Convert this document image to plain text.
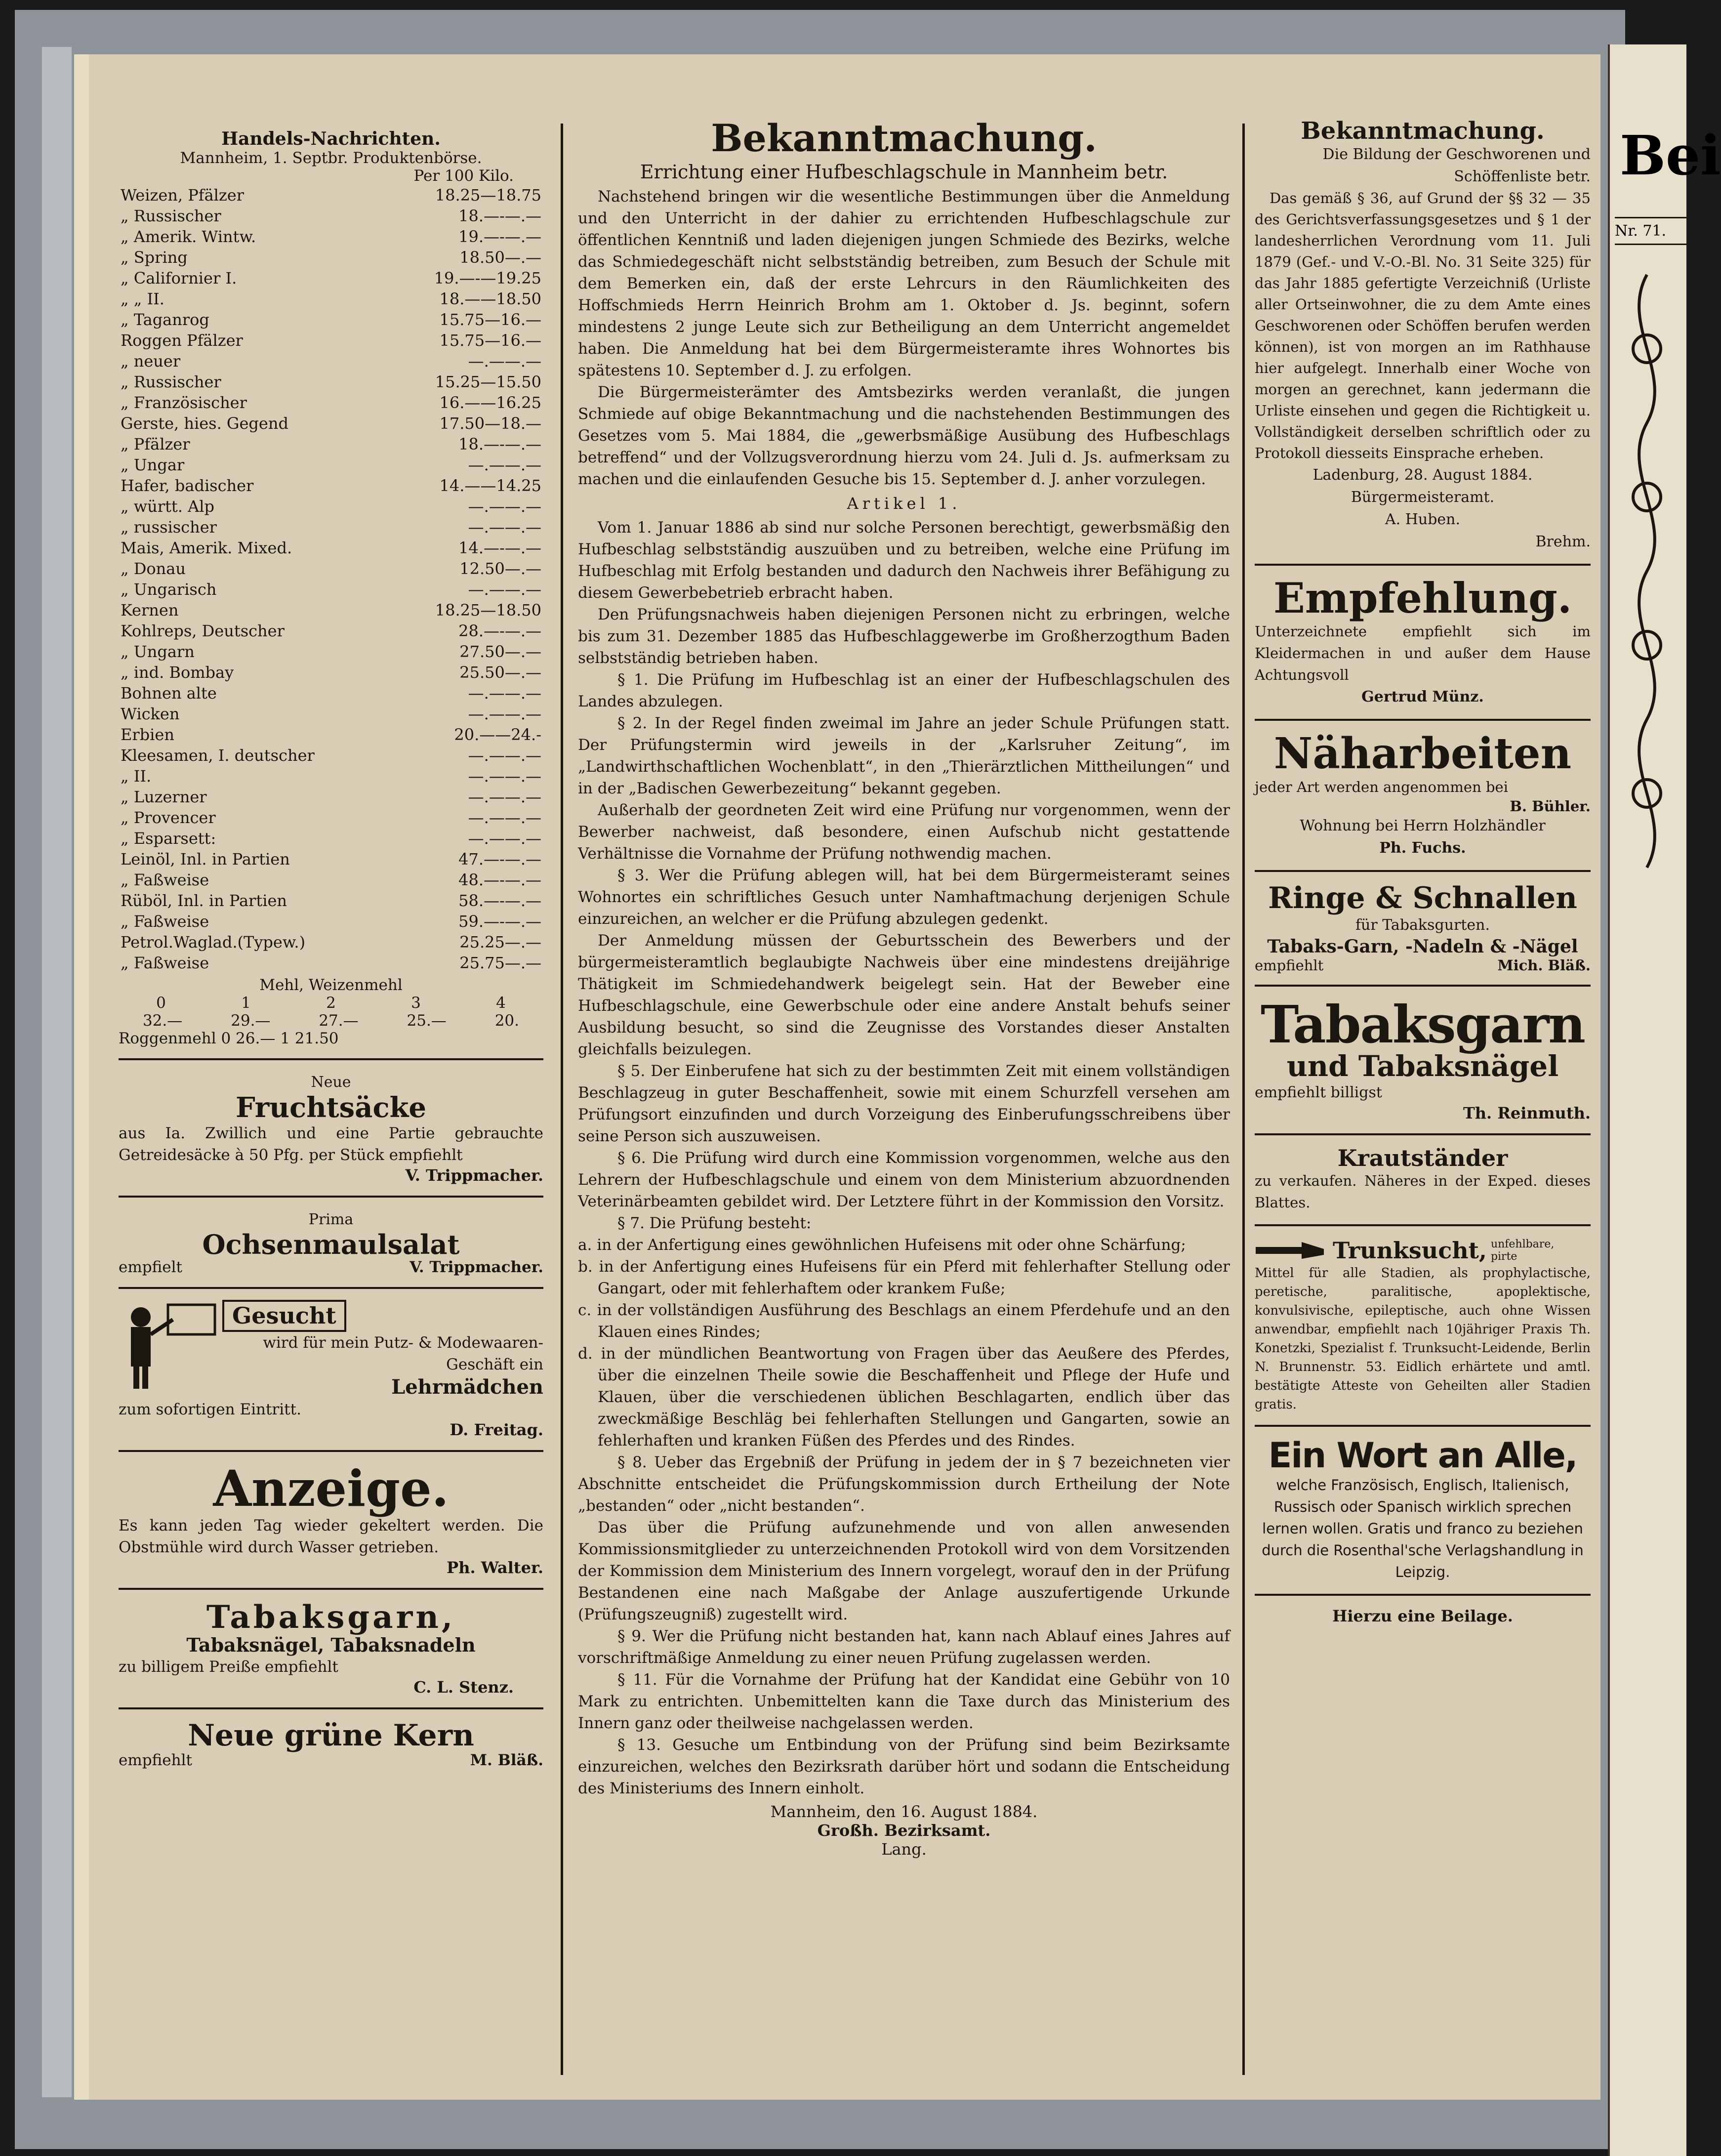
Handels-Nachrichten.
Mannheim, 1. Septbr. Produktenbörse.
Per 100 Kilo.
Weizen, Pfälzer	18.25—18.75
„ Russischer	18.—-—.—
„ Amerik. Wintw.	19.—-—.—
„ Spring	18.50—.—
„ Californier I.	19.—-—19.25
„ „ II.	18.——18.50
„ Taganrog	15.75—16.—
Roggen Pfälzer	15.75—16.—
„ neuer	—.——.—
„ Russischer	15.25—15.50
„ Französischer	16.——16.25
Gerste, hies. Gegend	17.50—18.—
„ Pfälzer	18.—-—.—
„ Ungar	—.——.—
Hafer, badischer	14.——14.25
„ württ. Alp	—.——.—
„ russischer	—.——.—
Mais, Amerik. Mixed.	14.—-—.—
„ Donau	12.50—.—
„ Ungarisch	—.——.—
Kernen	18.25—18.50
Kohlreps, Deutscher	28.—-—.—
„ Ungarn	27.50—.—
„ ind. Bombay	25.50—.—
Bohnen alte	—.——.—
Wicken	—.——.—
Erbien	20.——24.-
Kleesamen, I. deutscher	—.——.—
„ II.	—.——.—
„ Luzerner	—.——.—
„ Provencer	—.——.—
„ Esparsett:	—.——.—
Leinöl, Inl. in Partien	47.—-—.—
„ Faßweise	48.—-—.—
Rüböl, Inl. in Partien	58.—-—.—
„ Faßweise	59.—-—.—
Petrol.Waglad.(Typew.)	25.25—.—
„ Faßweise	25.75—.—
Mehl, Weizenmehl
0	1	2	3	4
32.—	29.—	27.—	25.—	20.
Roggenmehl 0 26.— 1 21.50
Neue
Fruchtsäcke
aus Ia. Zwillich und eine Partie gebrauchte Getreidesäcke à 50 Pfg. per Stück empfiehlt
V. Trippmacher.
Prima
Ochsenmaulsalat
empfielt	V. Trippmacher.
Gesucht
wird für mein Putz- & Modewaaren-Geschäft ein
Lehrmädchen
zum sofortigen Eintritt.
D. Freitag.
Anzeige.
Es kann jeden Tag wieder gekeltert werden. Die Obstmühle wird durch Wasser getrieben.
Ph. Walter.
Tabaksgarn,
Tabaksnägel, Tabaksnadeln
zu billigem Preiße empfiehlt
C. L. Stenz.
Neue grüne Kern
empfiehlt	M. Bläß.
Bekanntmachung.
Errichtung einer Hufbeschlagschule in Mannheim betr.
Nachstehend bringen wir die wesentliche Bestimmungen über die Anmeldung und den Unterricht in der dahier zu errichtenden Hufbeschlagschule zur öffentlichen Kenntniß und laden diejenigen jungen Schmiede des Bezirks, welche das Schmiedegeschäft nicht selbstständig betreiben, zum Besuch der Schule mit dem Bemerken ein, daß der erste Lehrcurs in den Räumlichkeiten des Hoffschmieds Herrn Heinrich Brohm am 1. Oktober d. Js. beginnt, sofern mindestens 2 junge Leute sich zur Betheiligung an dem Unterricht angemeldet haben. Die Anmeldung hat bei dem Bürgermeisteramte ihres Wohnortes bis spätestens 10. September d. J. zu erfolgen.
Die Bürgermeisterämter des Amtsbezirks werden veranlaßt, die jungen Schmiede auf obige Bekanntmachung und die nachstehenden Bestimmungen des Gesetzes vom 5. Mai 1884, die „gewerbsmäßige Ausübung des Hufbeschlags betreffend“ und der Vollzugsverordnung hierzu vom 24. Juli d. Js. aufmerksam zu machen und die einlaufenden Gesuche bis 15. September d. J. anher vorzulegen.
Artikel 1.
Vom 1. Januar 1886 ab sind nur solche Personen berechtigt, gewerbsmäßig den Hufbeschlag selbstständig auszuüben und zu betreiben, welche eine Prüfung im Hufbeschlag mit Erfolg bestanden und dadurch den Nachweis ihrer Befähigung zu diesem Gewerbebetrieb erbracht haben.
Den Prüfungsnachweis haben diejenigen Personen nicht zu erbringen, welche bis zum 31. Dezember 1885 das Hufbeschlaggewerbe im Großherzogthum Baden selbstständig betrieben haben.
§ 1. Die Prüfung im Hufbeschlag ist an einer der Hufbeschlagschulen des Landes abzulegen.
§ 2. In der Regel finden zweimal im Jahre an jeder Schule Prüfungen statt. Der Prüfungstermin wird jeweils in der „Karlsruher Zeitung“, im „Landwirthschaftlichen Wochenblatt“, in den „Thierärztlichen Mittheilungen“ und in der „Badischen Gewerbezeitung“ bekannt gegeben.
Außerhalb der geordneten Zeit wird eine Prüfung nur vorgenommen, wenn der Bewerber nachweist, daß besondere, einen Aufschub nicht gestattende Verhältnisse die Vornahme der Prüfung nothwendig machen.
§ 3. Wer die Prüfung ablegen will, hat bei dem Bürgermeisteramt seines Wohnortes ein schriftliches Gesuch unter Namhaftmachung derjenigen Schule einzureichen, an welcher er die Prüfung abzulegen gedenkt.
Der Anmeldung müssen der Geburtsschein des Bewerbers und der bürgermeisteramtlich beglaubigte Nachweis über eine mindestens dreijährige Thätigkeit im Schmiedehandwerk beigelegt sein. Hat der Beweber eine Hufbeschlagschule, eine Gewerbschule oder eine andere Anstalt behufs seiner Ausbildung besucht, so sind die Zeugnisse des Vorstandes dieser Anstalten gleichfalls beizulegen.
§ 5. Der Einberufene hat sich zu der bestimmten Zeit mit einem vollständigen Beschlagzeug in guter Beschaffenheit, sowie mit einem Schurzfell versehen am Prüfungsort einzufinden und durch Vorzeigung des Einberufungsschreibens über seine Person sich auszuweisen.
§ 6. Die Prüfung wird durch eine Kommission vorgenommen, welche aus den Lehrern der Hufbeschlagschule und einem von dem Ministerium abzuordnenden Veterinärbeamten gebildet wird. Der Letztere führt in der Kommission den Vorsitz.
§ 7. Die Prüfung besteht:
a. in der Anfertigung eines gewöhnlichen Hufeisens mit oder ohne Schärfung;
b. in der Anfertigung eines Hufeisens für ein Pferd mit fehlerhafter Stellung oder Gangart, oder mit fehlerhaftem oder krankem Fuße;
c. in der vollständigen Ausführung des Beschlags an einem Pferdehufe und an den Klauen eines Rindes;
d. in der mündlichen Beantwortung von Fragen über das Aeußere des Pferdes, über die einzelnen Theile sowie die Beschaffenheit und Pflege der Hufe und Klauen, über die verschiedenen üblichen Beschlagarten, endlich über das zweckmäßige Beschläg bei fehlerhaften Stellungen und Gangarten, sowie an fehlerhaften und kranken Füßen des Pferdes und des Rindes.
§ 8. Ueber das Ergebniß der Prüfung in jedem der in § 7 bezeichneten vier Abschnitte entscheidet die Prüfungskommission durch Ertheilung der Note „bestanden“ oder „nicht bestanden“.
Das über die Prüfung aufzunehmende und von allen anwesenden Kommissionsmitglieder zu unterzeichnenden Protokoll wird von dem Vorsitzenden der Kommission dem Ministerium des Innern vorgelegt, worauf den in der Prüfung Bestandenen eine nach Maßgabe der Anlage auszufertigende Urkunde (Prüfungszeugniß) zugestellt wird.
§ 9. Wer die Prüfung nicht bestanden hat, kann nach Ablauf eines Jahres auf vorschriftmäßige Anmeldung zu einer neuen Prüfung zugelassen werden.
§ 11. Für die Vornahme der Prüfung hat der Kandidat eine Gebühr von 10 Mark zu entrichten. Unbemittelten kann die Taxe durch das Ministerium des Innern ganz oder theilweise nachgelassen werden.
§ 13. Gesuche um Entbindung von der Prüfung sind beim Bezirksamte einzureichen, welches den Bezirksrath darüber hört und sodann die Entscheidung des Ministeriums des Innern einholt.
Mannheim, den 16. August 1884.
Großh. Bezirksamt.
Lang.
Bekanntmachung.
Die Bildung der Geschworenen und Schöffenliste betr.
Das gemäß § 36, auf Grund der §§ 32 — 35 des Gerichtsverfassungsgesetzes und § 1 der landesherrlichen Verordnung vom 11. Juli 1879 (Gef.- und V.-O.-Bl. No. 31 Seite 325) für das Jahr 1885 gefertigte Verzeichniß (Urliste aller Ortseinwohner, die zu dem Amte eines Geschworenen oder Schöffen berufen werden können), ist von morgen an im Rathhause hier aufgelegt. Innerhalb einer Woche von morgen an gerechnet, kann jedermann die Urliste einsehen und gegen die Richtigkeit u. Vollständigkeit derselben schriftlich oder zu Protokoll diesseits Einsprache erheben.
Ladenburg, 28. August 1884.
Bürgermeisteramt.
A. Huben.
Brehm.
Empfehlung.
Unterzeichnete empfiehlt sich im Kleidermachen in und außer dem Hause Achtungsvoll
Gertrud Münz.
Näharbeiten
jeder Art werden angenommen bei
B. Bühler.
Wohnung bei Herrn Holzhändler
Ph. Fuchs.
Ringe & Schnallen
für Tabaksgurten.
Tabaks-Garn, -Nadeln & -Nägel
empfiehlt	Mich. Bläß.
Tabaksgarn
und Tabaksnägel
empfiehlt billigst
Th. Reinmuth.
Krautständer
zu verkaufen. Näheres in der Exped. dieses Blattes.
Trunksucht, unfehlbare, pirte
Mittel für alle Stadien, als prophylactische, peretische, paralitische, apoplektische, konvulsivische, epileptische, auch ohne Wissen anwendbar, empfiehlt nach 10jähriger Praxis Th. Konetzki, Spezialist f. Trunksucht-Leidende, Berlin N. Brunnenstr. 53. Eidlich erhärtete und amtl. bestätigte Atteste von Geheilten aller Stadien gratis.
Ein Wort an Alle,
welche Französisch, Englisch, Italienisch, Russisch oder Spanisch wirklich sprechen lernen wollen. Gratis und franco zu beziehen durch die Rosenthal'sche Verlagshandlung in Leipzig.
Hierzu eine Beilage.
Bei
Nr. 71.
